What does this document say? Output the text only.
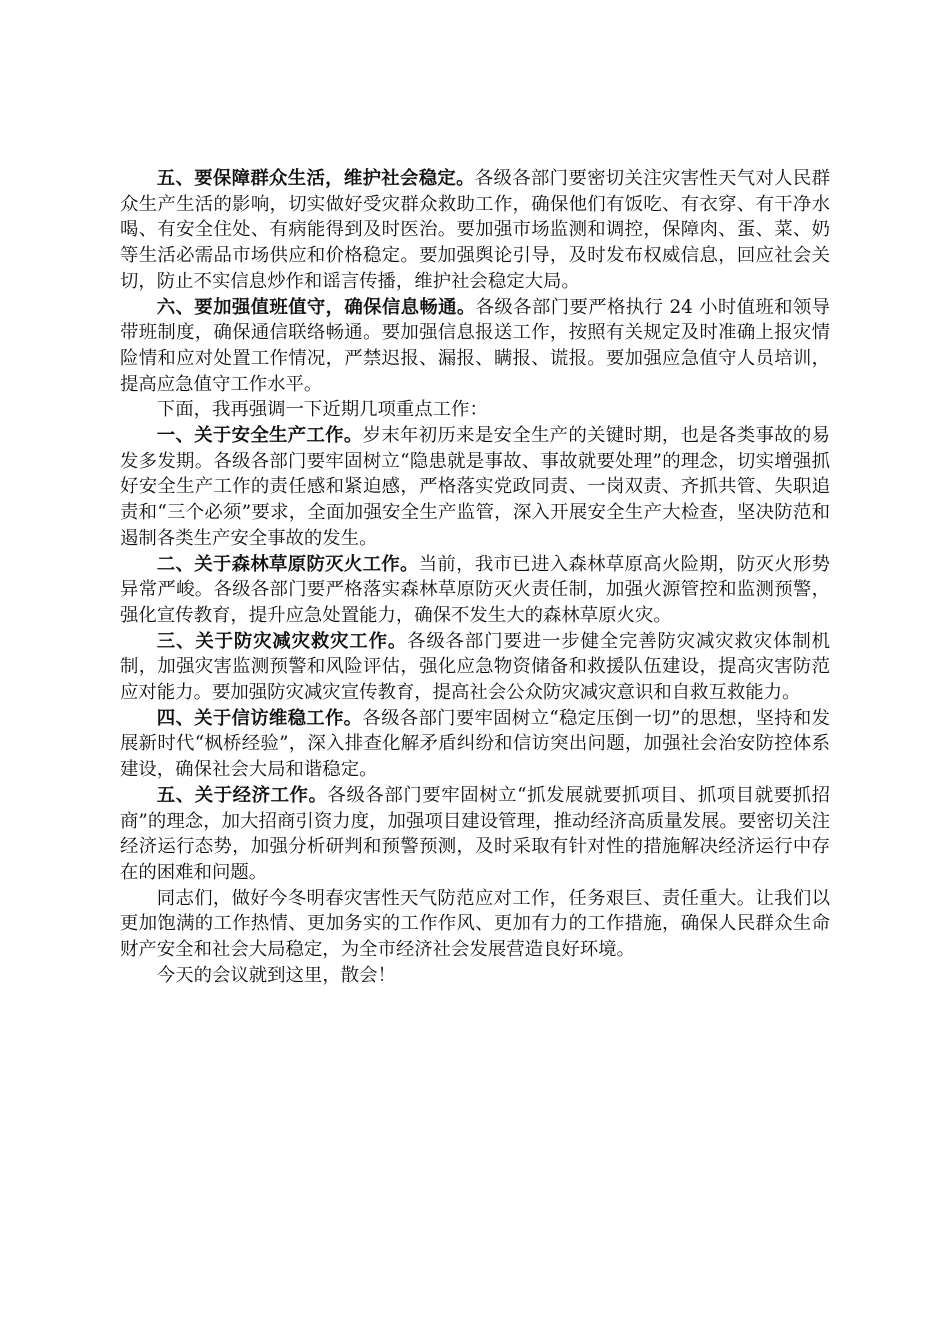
五、要保障群众生活，维护社会稳定。各级各部门要密切关注灾害性天气对人民群众生产生活的影响，切实做好受灾群众救助工作，确保他们有饭吃、有衣穿、有干净水喝、有安全住处、有病能得到及时医治。要加强市场监测和调控，保障肉、蛋、菜、奶等生活必需品市场供应和价格稳定。要加强舆论引导，及时发布权威信息，回应社会关切，防止不实信息炒作和谣言传播，维护社会稳定大局。

六、要加强值班值守，确保信息畅通。各级各部门要严格执行 24 小时值班和领导带班制度，确保通信联络畅通。要加强信息报送工作，按照有关规定及时准确上报灾情险情和应对处置工作情况，严禁迟报、漏报、瞒报、谎报。要加强应急值守人员培训，提高应急值守工作水平。

下面，我再强调一下近期几项重点工作：

一、关于安全生产工作。岁末年初历来是安全生产的关键时期，也是各类事故的易发多发期。各级各部门要牢固树立“隐患就是事故、事故就要处理”的理念，切实增强抓好安全生产工作的责任感和紧迫感，严格落实党政同责、一岗双责、齐抓共管、失职追责和“三个必须”要求，全面加强安全生产监管，深入开展安全生产大检查，坚决防范和遏制各类生产安全事故的发生。

二、关于森林草原防灭火工作。当前，我市已进入森林草原高火险期，防灭火形势异常严峻。各级各部门要严格落实森林草原防灭火责任制，加强火源管控和监测预警，强化宣传教育，提升应急处置能力，确保不发生大的森林草原火灾。

三、关于防灾减灾救灾工作。各级各部门要进一步健全完善防灾减灾救灾体制机制，加强灾害监测预警和风险评估，强化应急物资储备和救援队伍建设，提高灾害防范应对能力。要加强防灾减灾宣传教育，提高社会公众防灾减灾意识和自救互救能力。

四、关于信访维稳工作。各级各部门要牢固树立“稳定压倒一切”的思想，坚持和发展新时代“枫桥经验”，深入排查化解矛盾纠纷和信访突出问题，加强社会治安防控体系建设，确保社会大局和谐稳定。

五、关于经济工作。各级各部门要牢固树立“抓发展就要抓项目、抓项目就要抓招商”的理念，加大招商引资力度，加强项目建设管理，推动经济高质量发展。要密切关注经济运行态势，加强分析研判和预警预测，及时采取有针对性的措施解决经济运行中存在的困难和问题。

同志们，做好今冬明春灾害性天气防范应对工作，任务艰巨、责任重大。让我们以更加饱满的工作热情、更加务实的工作作风、更加有力的工作措施，确保人民群众生命财产安全和社会大局稳定，为全市经济社会发展营造良好环境。

今天的会议就到这里，散会！
